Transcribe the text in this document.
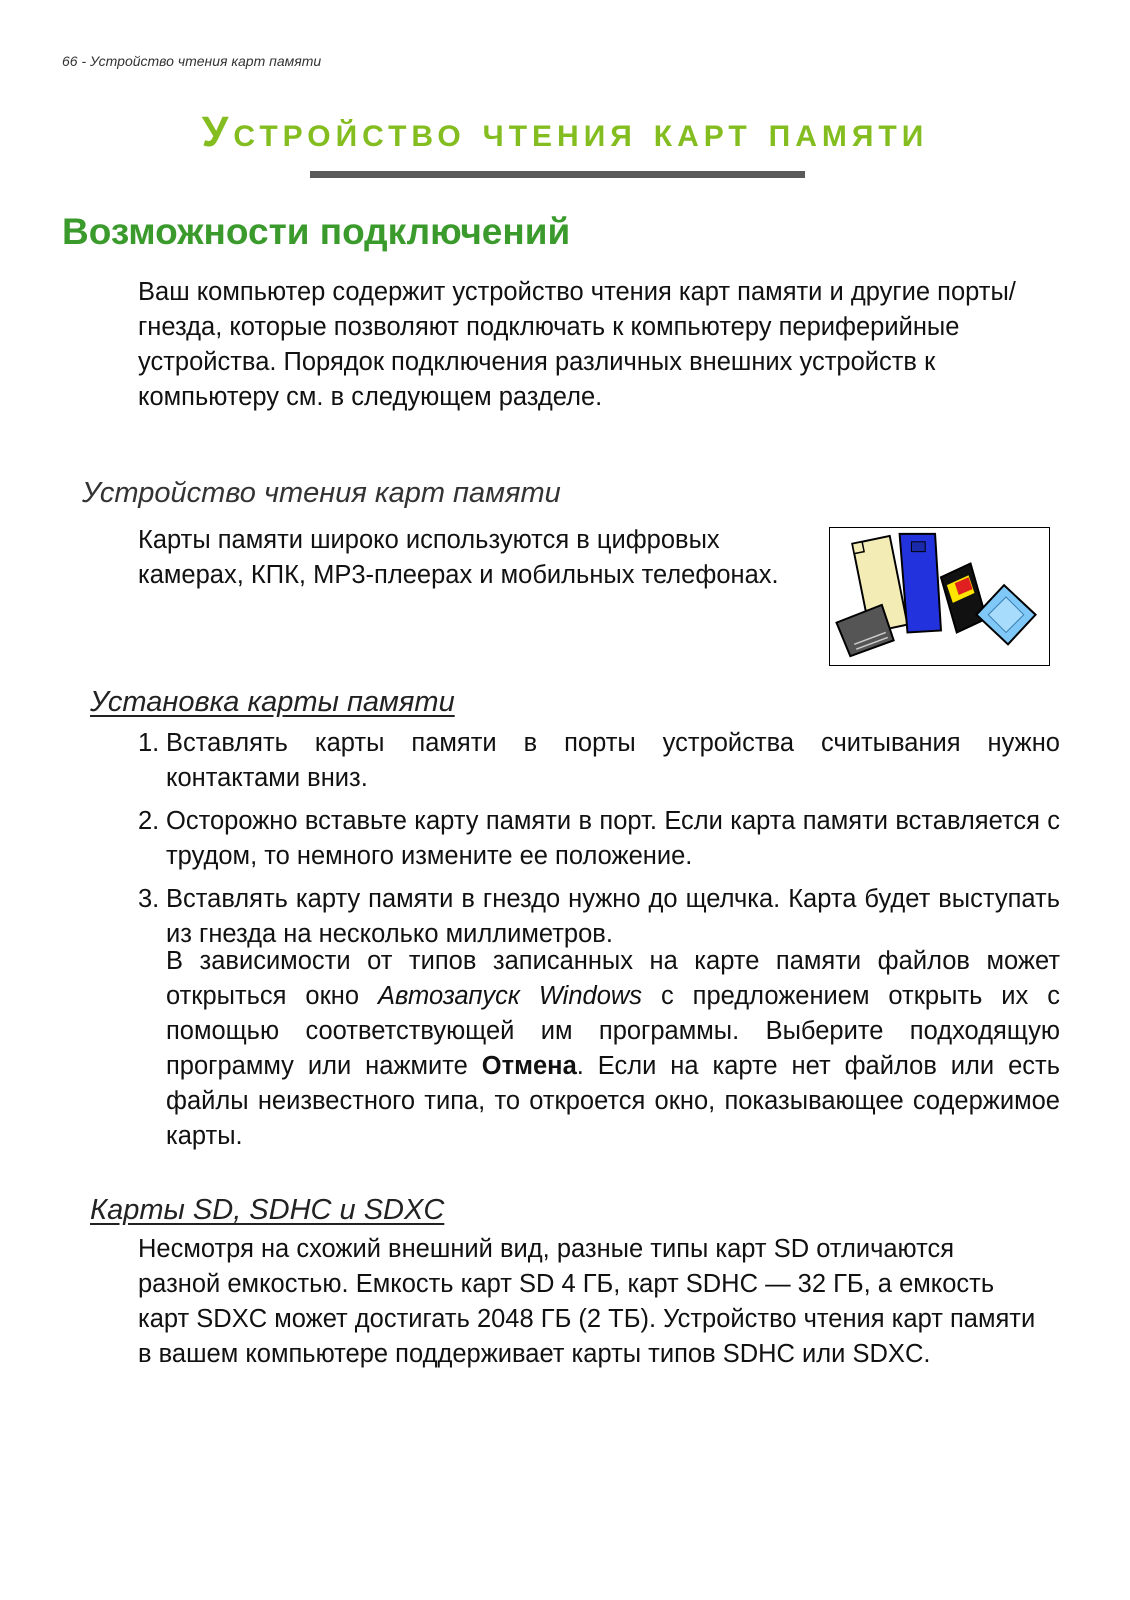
66 - Устройство чтения карт памяти
Устройство чтения карт памяти
Возможности подключений

Ваш компьютер содержит устройство чтения карт памяти и другие порты/гнезда, которые позволяют подключать к компьютеру периферийные устройства. Порядок подключения различных внешних устройств к компьютеру см. в следующем разделе.

Устройство чтения карт памяти

Карты памяти широко используются в цифровых камерах, КПК, MP3-плеерах и мобильных телефонах.

Установка карты памяти
1. Вставлять карты памяти в порты устройства считывания нужно контактами вниз.
2. Осторожно вставьте карту памяти в порт. Если карта памяти вставляется с трудом, то немного измените ее положение.
3. Вставлять карту памяти в гнездо нужно до щелчка. Карта будет выступать из гнезда на несколько миллиметров.

В зависимости от типов записанных на карте памяти файлов может открыться окно Автозапуск Windows с предложением открыть их с помощью соответствующей им программы. Выберите подходящую программу или нажмите Отмена. Если на карте нет файлов или есть файлы неизвестного типа, то откроется окно, показывающее содержимое карты.

Карты SD, SDHC и SDXC

Несмотря на схожий внешний вид, разные типы карт SD отличаются разной емкостью. Емкость карт SD 4 ГБ, карт SDHC — 32 ГБ, а емкость карт SDXC может достигать 2048 ГБ (2 ТБ). Устройство чтения карт памяти в вашем компьютере поддерживает карты типов SDHC или SDXC.
